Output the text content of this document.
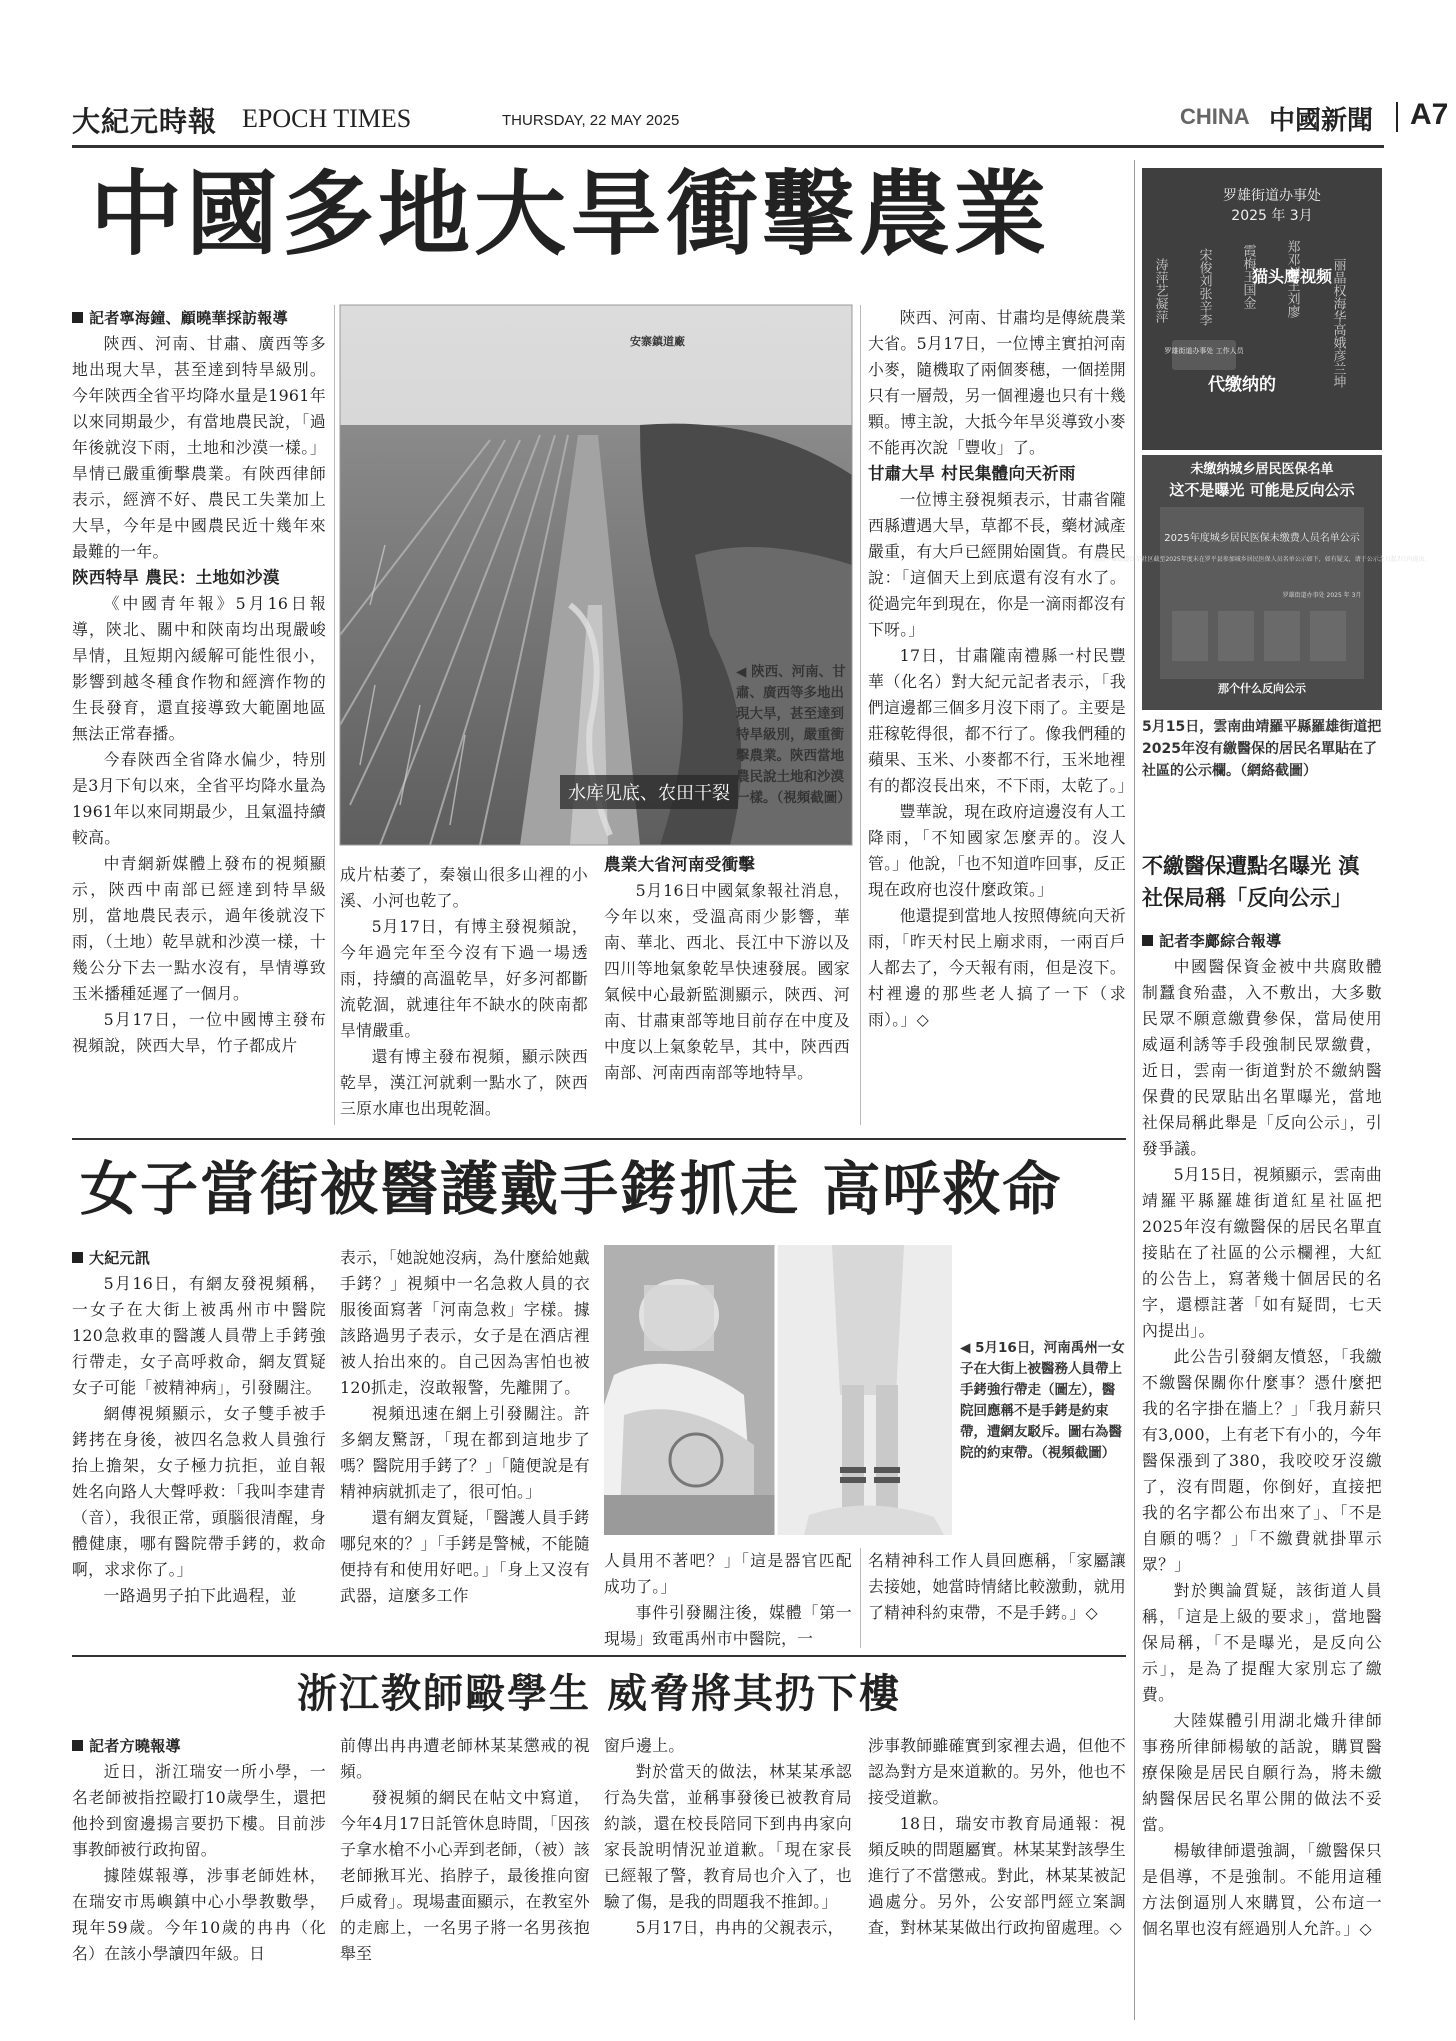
大紀元時報 EPOCH TIMES	THURSDAY, 22 MAY 2025	CHINA 中國新聞 A7
中國多地大旱衝擊農業

記者寧海鐘、顧曉華採訪報導

陝西、河南、甘肅、廣西等多地出現大旱，甚至達到特旱級別。今年陝西全省平均降水量是1961年以來同期最少，有當地農民說，「過年後就沒下雨，土地和沙漠一樣。」旱情已嚴重衝擊農業。有陝西律師表示，經濟不好、農民工失業加上大旱，今年是中國農民近十幾年來最難的一年。

陝西特旱 農民：土地如沙漠

《中國青年報》5月16日報導，陝北、關中和陝南均出現嚴峻旱情，且短期內緩解可能性很小，影響到越冬種食作物和經濟作物的生長發育，還直接導致大範圍地區無法正常春播。

今春陝西全省降水偏少，特別是3月下旬以來，全省平均降水量為1961年以來同期最少，且氣溫持續較高。

中青網新媒體上發布的視頻顯示，陝西中南部已經達到特旱級別，當地農民表示，過年後就沒下雨，（土地）乾旱就和沙漠一樣，十幾公分下去一點水沒有，旱情導致玉米播種延遲了一個月。

5月17日，一位中國博主發布視頻說，陝西大旱，竹子都成片

安寨鎮道廠
水库见底、农田干裂
◀ 陝西、河南、甘肅、廣西等多地出現大旱，甚至達到特旱級別，嚴重衝擊農業。陝西當地農民說土地和沙漠一樣。（視頻截圖）

成片枯萎了，秦嶺山很多山裡的小溪、小河也乾了。

5月17日，有博主發視頻說，今年過完年至今沒有下過一場透雨，持續的高溫乾旱，好多河都斷流乾涸，就連往年不缺水的陝南都旱情嚴重。

還有博主發布視頻，顯示陝西乾旱，漢江河就剩一點水了，陝西三原水庫也出現乾涸。

農業大省河南受衝擊

5月16日中國氣象報社消息，今年以來，受溫高雨少影響，華南、華北、西北、長江中下游以及四川等地氣象乾旱快速發展。國家氣候中心最新監測顯示，陝西、河南、甘肅東部等地目前存在中度及中度以上氣象乾旱，其中，陝西西南部、河南西南部等地特旱。

陝西、河南、甘肅均是傳統農業大省。5月17日，一位博主實拍河南小麥，隨機取了兩個麥穗，一個搓開只有一層殼，另一個裡邊也只有十幾顆。博主說，大抵今年旱災導致小麥不能再次說「豐收」了。

甘肅大旱 村民集體向天祈雨

一位博主發視頻表示，甘肅省隴西縣遭遇大旱，草都不長，藥材減產嚴重，有大戶已經開始園貨。有農民說：「這個天上到底還有沒有水了。從過完年到現在，你是一滴雨都沒有下呀。」

17日，甘肅隴南禮縣一村民豐華（化名）對大紀元記者表示，「我們這邊都三個多月沒下雨了。主要是莊稼乾得很，都不行了。像我們種的蘋果、玉米、小麥都不行，玉米地裡有的都沒長出來，不下雨，太乾了。」

豐華說，現在政府這邊沒有人工降雨，「不知國家怎麼弄的。沒人管。」他說，「也不知道咋回事，反正現在政府也沒什麼政策。」

他還提到當地人按照傳統向天祈雨，「昨天村民上廟求雨，一兩百戶人都去了，今天報有雨，但是沒下。村裡邊的那些老人搞了一下（求雨）。」◇

女子當街被醫護戴手銬抓走 高呼救命

大紀元訊

5月16日，有網友發視頻稱，一女子在大街上被禹州市中醫院120急救車的醫護人員帶上手銬強行帶走，女子高呼救命，網友質疑女子可能「被精神病」，引發關注。

網傳視頻顯示，女子雙手被手銬拷在身後，被四名急救人員強行抬上擔架，女子極力抗拒，並自報姓名向路人大聲呼救：「我叫李建青（音），我很正常，頭腦很清醒，身體健康，哪有醫院帶手銬的，救命啊，求求你了。」

一路過男子拍下此過程，並

表示，「她說她沒病，為什麼給她戴手銬？」視頻中一名急救人員的衣服後面寫著「河南急救」字樣。據該路過男子表示，女子是在酒店裡被人抬出來的。自己因為害怕也被120抓走，沒敢報警，先離開了。

視頻迅速在網上引發關注。許多網友驚訝，「現在都到這地步了嗎？醫院用手銬了？」「隨便說是有精神病就抓走了，很可怕。」

還有網友質疑，「醫護人員手銬哪兒來的？」「手銬是警械，不能隨便持有和使用好吧。」「身上又沒有武器，這麼多工作

◀ 5月16日，河南禹州一女子在大街上被醫務人員帶上手銬強行帶走（圖左），醫院回應稱不是手銬是約束帶，遭網友駁斥。圖右為醫院的約束帶。（視頻截圖）

人員用不著吧？」「這是器官匹配成功了。」

事件引發關注後，媒體「第一現場」致電禹州市中醫院，一

名精神科工作人員回應稱，「家屬讓去接她，她當時情緒比較激動，就用了精神科約束帶，不是手銬。」◇

浙江教師毆學生 威脅將其扔下樓

記者方曉報導

近日，浙江瑞安一所小學，一名老師被指控毆打10歲學生，還把他拎到窗邊揚言要扔下樓。目前涉事教師被行政拘留。

據陸媒報導，涉事老師姓林，在瑞安市馬嶼鎮中心小學教數學，現年59歲。今年10歲的冉冉（化名）在該小學讀四年級。日

前傳出冉冉遭老師林某某懲戒的視頻。

發視頻的網民在帖文中寫道，今年4月17日託管休息時間，「因孩子拿水槍不小心弄到老師，（被）該老師揪耳光、掐脖子，最後推向窗戶威脅」。現場畫面顯示，在教室外的走廊上，一名男子將一名男孩抱舉至

窗戶邊上。

對於當天的做法，林某某承認行為失當，並稱事發後已被教育局約談，還在校長陪同下到冉冉家向家長說明情況並道歉。「現在家長已經報了警，教育局也介入了，也驗了傷，是我的問題我不推卸。」

5月17日，冉冉的父親表示，

涉事教師雖確實到家裡去過，但他不認為對方是來道歉的。另外，他也不接受道歉。

18日，瑞安市教育局通報：視頻反映的問題屬實。林某某對該學生進行了不當懲戒。對此，林某某被記過處分。另外，公安部門經立案調查，對林某某做出行政拘留處理。◇

罗雄街道办事处
2025 年 3月
涛萍艺凝萍 宋俊刘张辛李 霞梅玉国金 郑邓刘王刘廖 丽晶权海华高娥彦兰坤
罗雄街道办事处 工作人员
猫头鹰视频
代缴纳的
未缴纳城乡居民医保名单
这不是曝光 可能是反向公示
2025年度城乡居民医保未缴费人员名单公示
現將罗雄街道红星社区截至2025年度未在罗平县参加城乡居民医保人员名单公示如下，如有疑义，请于公示之日起7日内提出。
罗雄街道办事处 2025 年 3月
那个什么反向公示
5月15日，雲南曲靖羅平縣羅雄街道把2025年沒有繳醫保的居民名單貼在了社區的公示欄。（網絡截圖）
不繳醫保遭點名曝光 滇社保局稱「反向公示」

記者李鄺綜合報導

中國醫保資金被中共腐敗體制蠶食殆盡，入不敷出，大多數民眾不願意繳費參保，當局使用威逼利誘等手段強制民眾繳費，近日，雲南一街道對於不繳納醫保費的民眾貼出名單曝光，當地社保局稱此舉是「反向公示」，引發爭議。

5月15日，視頻顯示，雲南曲靖羅平縣羅雄街道紅星社區把2025年沒有繳醫保的居民名單直接貼在了社區的公示欄裡，大紅的公告上，寫著幾十個居民的名字，還標註著「如有疑問，七天內提出」。

此公告引發網友憤怒，「我繳不繳醫保關你什麼事？憑什麼把我的名字掛在牆上？」「我月薪只有3,000，上有老下有小的，今年醫保漲到了380，我咬咬牙沒繳了，沒有問題，你倒好，直接把我的名字都公布出來了」、「不是自願的嗎？」「不繳費就掛單示眾？」

對於輿論質疑，該街道人員稱，「這是上級的要求」，當地醫保局稱，「不是曝光，是反向公示」，是為了提醒大家別忘了繳費。

大陸媒體引用湖北熾升律師事務所律師楊敏的話說，購買醫療保險是居民自願行為，將未繳納醫保居民名單公開的做法不妥當。

楊敏律師還強調，「繳醫保只是倡導，不是強制。不能用這種方法倒逼別人來購買，公布這一個名單也沒有經過別人允許。」◇
